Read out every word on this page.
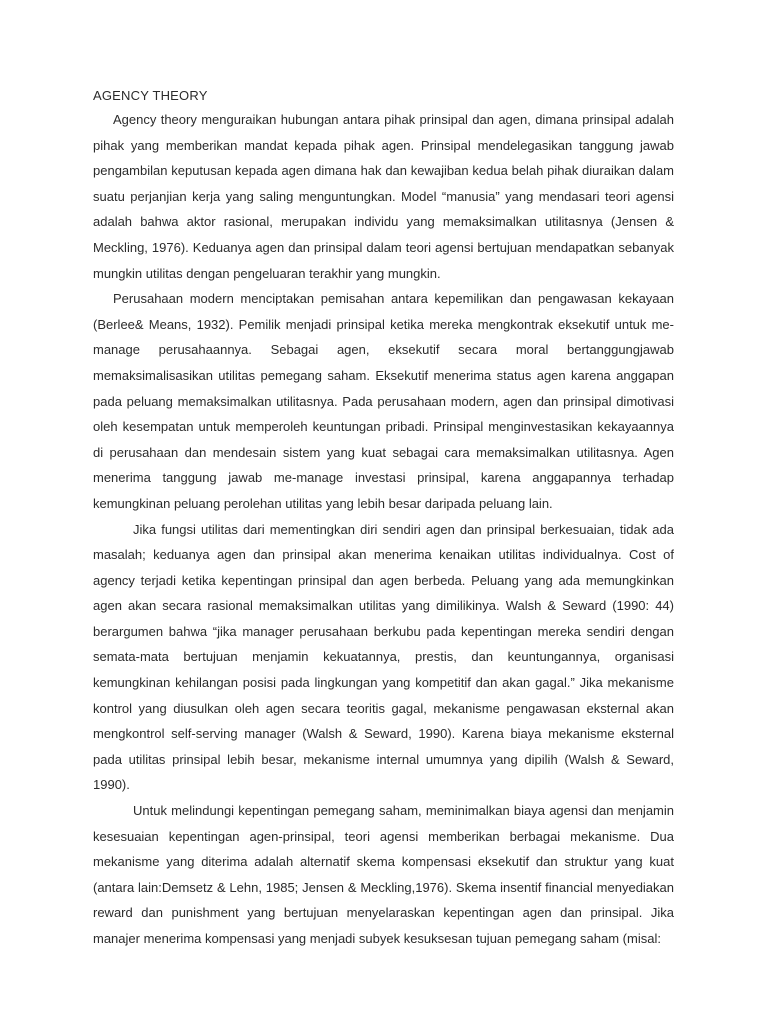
AGENCY THEORY

Agency theory menguraikan hubungan antara pihak prinsipal dan agen, dimana prinsipal adalah pihak yang memberikan mandat kepada pihak agen. Prinsipal mendelegasikan tanggung jawab pengambilan keputusan kepada agen dimana hak dan kewajiban kedua belah pihak diuraikan dalam suatu perjanjian kerja yang saling menguntungkan. Model “manusia” yang mendasari teori agensi adalah bahwa aktor rasional, merupakan individu yang memaksimalkan utilitasnya (Jensen & Meckling, 1976). Keduanya agen dan prinsipal dalam teori agensi bertujuan mendapatkan sebanyak mungkin utilitas dengan pengeluaran terakhir yang mungkin.

Perusahaan modern menciptakan pemisahan antara kepemilikan dan pengawasan kekayaan (Berlee& Means, 1932). Pemilik menjadi prinsipal ketika mereka mengkontrak eksekutif untuk me-manage perusahaannya. Sebagai agen, eksekutif secara moral bertanggungjawab memaksimalisasikan utilitas pemegang saham. Eksekutif menerima status agen karena anggapan pada peluang memaksimalkan utilitasnya. Pada perusahaan modern, agen dan prinsipal dimotivasi oleh kesempatan untuk memperoleh keuntungan pribadi. Prinsipal menginvestasikan kekayaannya di perusahaan dan mendesain sistem yang kuat sebagai cara memaksimalkan utilitasnya. Agen menerima tanggung jawab me-manage investasi prinsipal, karena anggapannya terhadap kemungkinan peluang perolehan utilitas yang lebih besar daripada peluang lain.

Jika fungsi utilitas dari mementingkan diri sendiri agen dan prinsipal berkesuaian, tidak ada masalah; keduanya agen dan prinsipal akan menerima kenaikan utilitas individualnya. Cost of agency terjadi ketika kepentingan prinsipal dan agen berbeda. Peluang yang ada memungkinkan agen akan secara rasional memaksimalkan utilitas yang dimilikinya. Walsh & Seward (1990: 44) berargumen bahwa “jika manager perusahaan berkubu pada kepentingan mereka sendiri dengan semata-mata bertujuan menjamin kekuatannya, prestis, dan keuntungannya, organisasi kemungkinan kehilangan posisi pada lingkungan yang kompetitif dan akan gagal.” Jika mekanisme kontrol yang diusulkan oleh agen secara teoritis gagal, mekanisme pengawasan eksternal akan mengkontrol self-serving manager (Walsh & Seward, 1990). Karena biaya mekanisme eksternal pada utilitas prinsipal lebih besar, mekanisme internal umumnya yang dipilih (Walsh & Seward, 1990).

Untuk melindungi kepentingan pemegang saham, meminimalkan biaya agensi dan menjamin kesesuaian kepentingan agen-prinsipal, teori agensi memberikan berbagai mekanisme. Dua mekanisme yang diterima adalah alternatif skema kompensasi eksekutif dan struktur yang kuat (antara lain:Demsetz & Lehn, 1985; Jensen & Meckling,1976). Skema insentif financial menyediakan reward dan punishment yang bertujuan menyelaraskan kepentingan agen dan prinsipal. Jika manajer menerima kompensasi yang menjadi subyek kesuksesan tujuan pemegang saham (misal:
